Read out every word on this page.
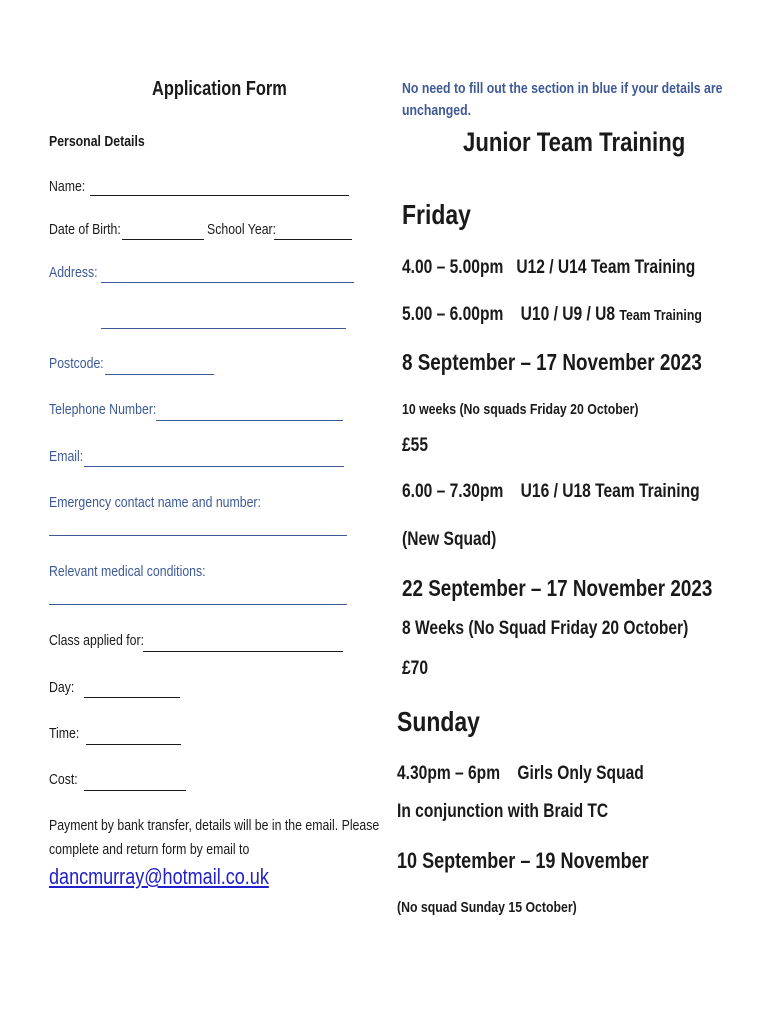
Application Form
Personal Details
Name:
Date of Birth:	School Year:
Address:
Postcode:
Telephone Number:
Email:
Emergency contact name and number:
Relevant medical conditions:
Class applied for:
Day:
Time:
Cost:
Payment by bank transfer, details will be in the email. Please
complete and return form by email to
dancmurray@hotmail.co.uk
No need to fill out the section in blue if your details are
unchanged.
Junior Team Training
Friday
4.00 – 5.00pm U12 / U14 Team Training
5.00 – 6.00pm U10 / U9 / U8 Team Training
8 September – 17 November 2023
10 weeks (No squads Friday 20 October)
£55
6.00 – 7.30pm U16 / U18 Team Training
(New Squad)
22 September – 17 November 2023
8 Weeks (No Squad Friday 20 October)
£70
Sunday
4.30pm – 6pm Girls Only Squad
In conjunction with Braid TC
10 September – 19 November
(No squad Sunday 15 October)
